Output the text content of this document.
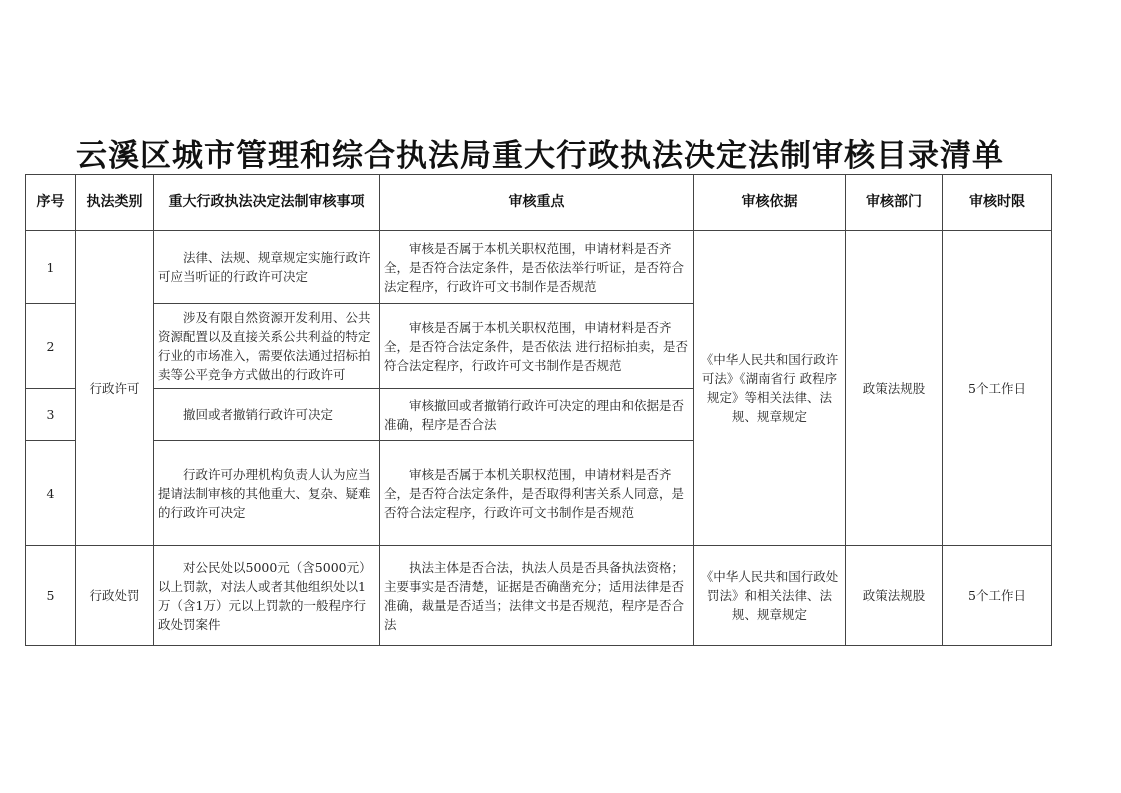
云溪区城市管理和综合执法局重大行政执法决定法制审核目录清单
序号	执法类别	重大行政执法决定法制审核事项	审核重点	审核依据	审核部门	审核时限
1	行政许可	法律、法规、规章规定实施行政许可应当听证的行政许可决定	审核是否属于本机关职权范围，申请材料是否齐全，是否符合法定条件，是否依法举行听证，是否符合法定程序，行政许可文书制作是否规范	《中华人民共和国行政许可法》《湖南省行 政程序规定》等相关法律、法规、规章规定	政策法规股	5个工作日
2		涉及有限自然资源开发利用、公共资源配置以及直接关系公共利益的特定行业的市场准入，需要依法通过招标拍卖等公平竞争方式做出的行政许可	审核是否属于本机关职权范围，申请材料是否齐全，是否符合法定条件，是否依法 进行招标拍卖，是否符合法定程序，行政许可文书制作是否规范			
3		撤回或者撤销行政许可决定	审核撤回或者撤销行政许可决定的理由和依据是否准确，程序是否合法			
4		行政许可办理机构负责人认为应当提请法制审核的其他重大、复杂、疑难的行政许可决定	审核是否属于本机关职权范围，申请材料是否齐全，是否符合法定条件，是否取得利害关系人同意，是否符合法定程序，行政许可文书制作是否规范			
5	行政处罚	对公民处以5000元（含5000元）以上罚款，对法人或者其他组织处以1万（含1万）元以上罚款的一般程序行政处罚案件	执法主体是否合法，执法人员是否具备执法资格；主要事实是否清楚，证据是否确凿充分；适用法律是否准确，裁量是否适当；法律文书是否规范，程序是否合法	《中华人民共和国行政处罚法》和相关法律、法规、规章规定	政策法规股	5个工作日
